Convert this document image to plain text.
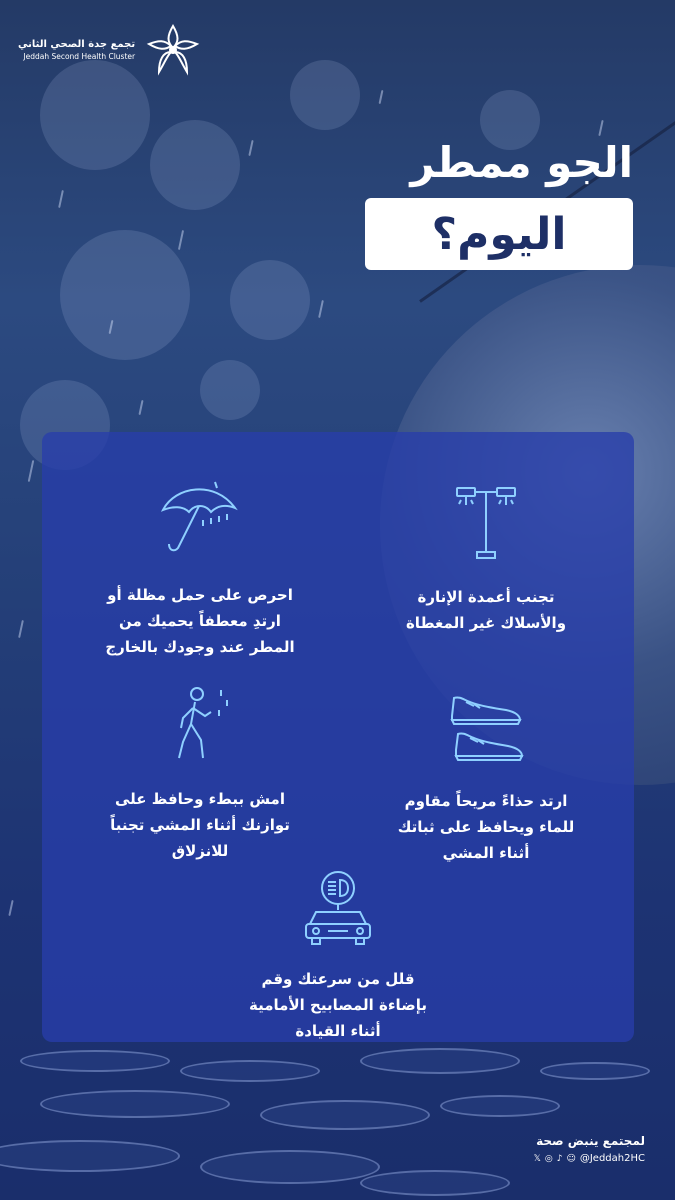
تجمع جدة الصحي الثاني
Jeddah Second Health Cluster
الجو ممطر
اليوم؟
تجنب أعمدة الإنارة
والأسلاك غير المغطاة
احرص على حمل مظلة أو
ارتدِ معطفاً يحميك من
المطر عند وجودك بالخارج
ارتد حذاءً مريحاً مقاوم
للماء ويحافظ على ثباتك
أثناء المشي
امش ببطء وحافظ على
توازنك أثناء المشي تجنباً
للانزلاق
قلل من سرعتك وقم
بإضاءة المصابيح الأمامية
أثناء القيادة
لمجتمع ينبض صحة
𝕏 ◎ ♪ ☺ @Jeddah2HC
